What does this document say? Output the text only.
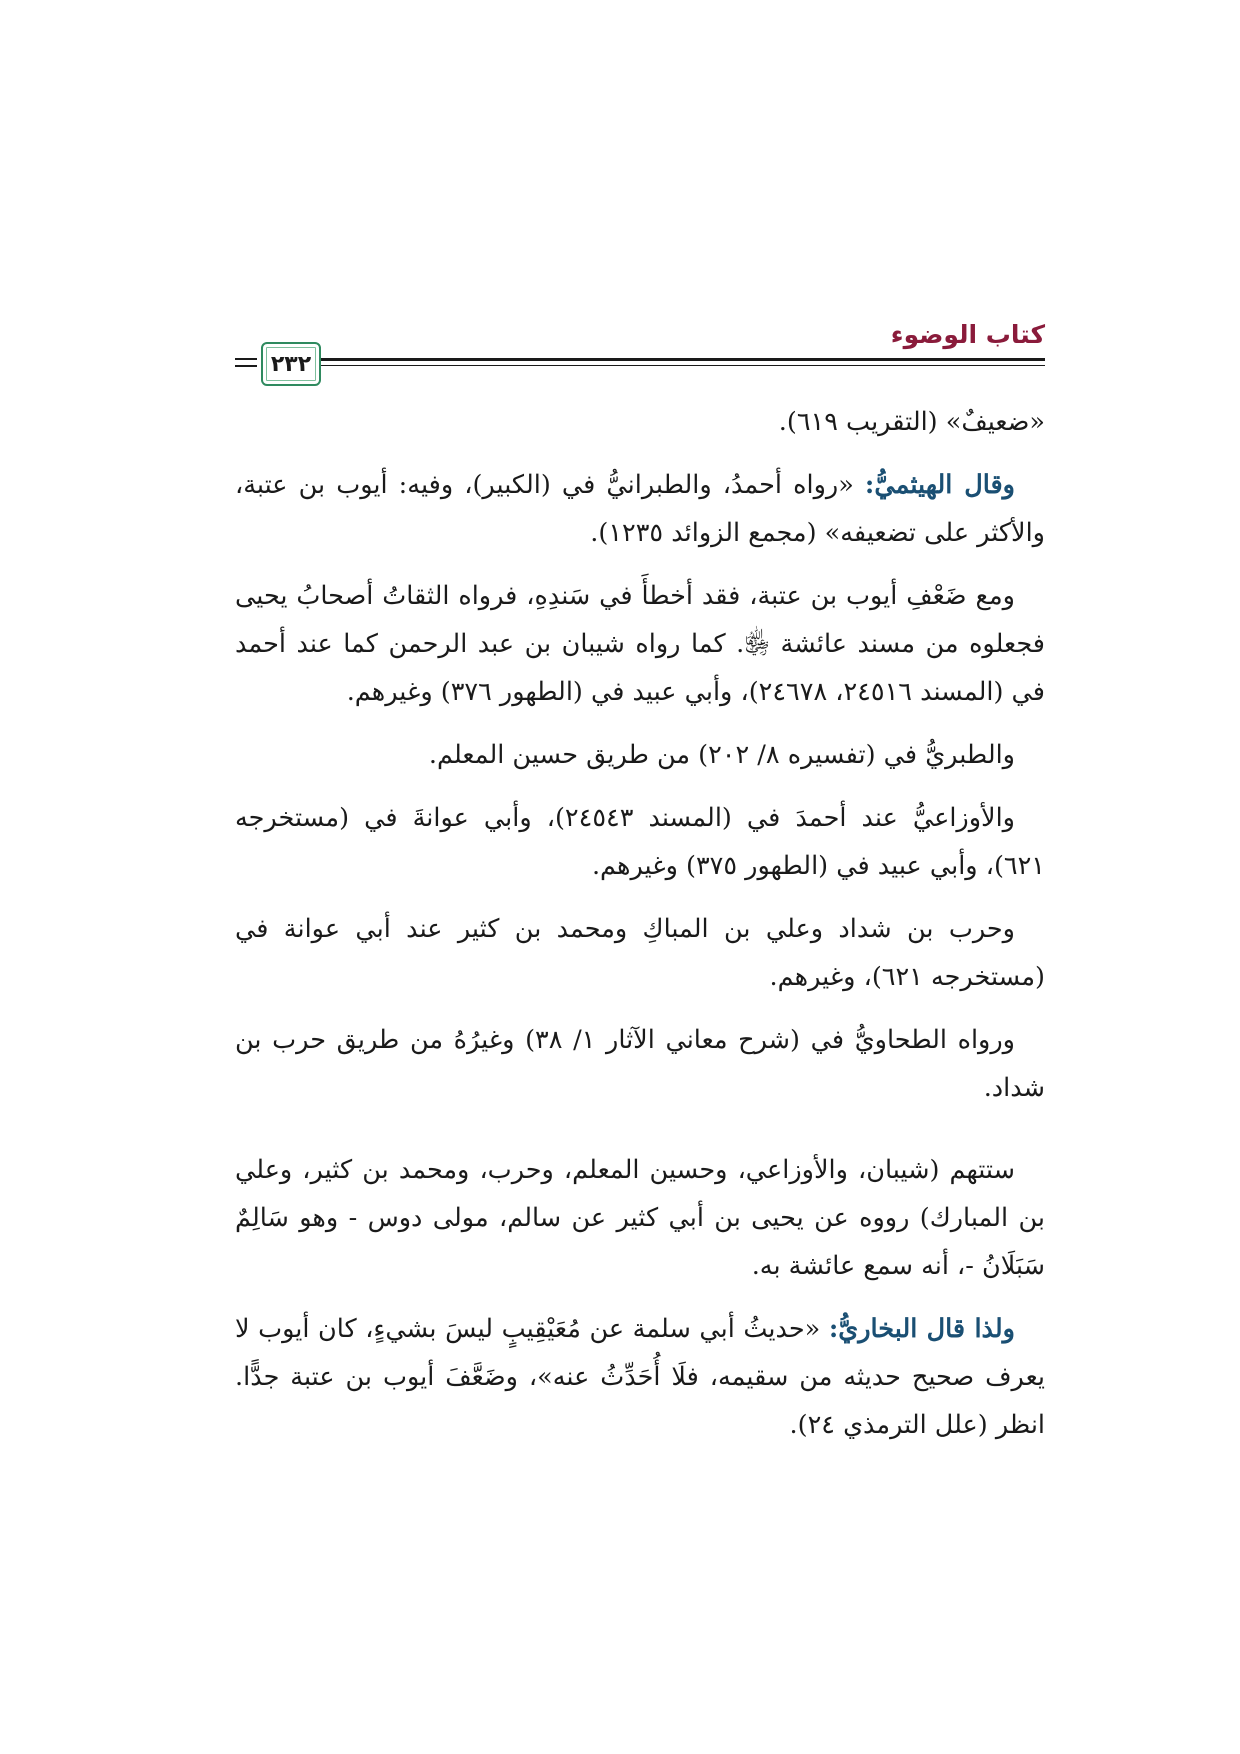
كتاب الوضوء
٢٣٢

«ضعيفٌ» (التقريب ٦١٩).

وقال الهيثميُّ: «رواه أحمدُ، والطبرانيُّ في (الكبير)، وفيه: أيوب بن عتبة، والأكثر على تضعيفه» (مجمع الزوائد ١٢٣٥).

ومع ضَعْفِ أيوب بن عتبة، فقد أخطأَ في سَندِهِ، فرواه الثقاتُ أصحابُ يحيى فجعلوه من مسند عائشة ﵂. كما رواه شيبان بن عبد الرحمن كما عند أحمد في (المسند ٢٤٥١٦، ٢٤٦٧٨)، وأبي عبيد في (الطهور ٣٧٦) وغيرهم.

والطبريُّ في (تفسيره ٨/ ٢٠٢) من طريق حسين المعلم.

والأوزاعيُّ عند أحمدَ في (المسند ٢٤٥٤٣)، وأبي عوانةَ في (مستخرجه ٦٢١)، وأبي عبيد في (الطهور ٣٧٥) وغيرهم.

وحرب بن شداد وعلي بن المباكِ ومحمد بن كثير عند أبي عوانة في (مستخرجه ٦٢١)، وغيرهم.

ورواه الطحاويُّ في (شرح معاني الآثار ١/ ٣٨) وغيرُهُ من طريق حرب بن شداد.

ستتهم (شيبان، والأوزاعي، وحسين المعلم، وحرب، ومحمد بن كثير، وعلي بن المبارك) رووه عن يحيى بن أبي كثير عن سالم، مولى دوس - وهو سَالِمٌ سَبَلَانُ -، أنه سمع عائشة به.

ولذا قال البخاريُّ: «حديثُ أبي سلمة عن مُعَيْقِيبٍ ليسَ بشيءٍ، كان أيوب لا يعرف صحيح حديثه من سقيمه، فلَا أُحَدِّثُ عنه»، وضَعَّفَ أيوب بن عتبة جدًّا. انظر (علل الترمذي ٢٤).
